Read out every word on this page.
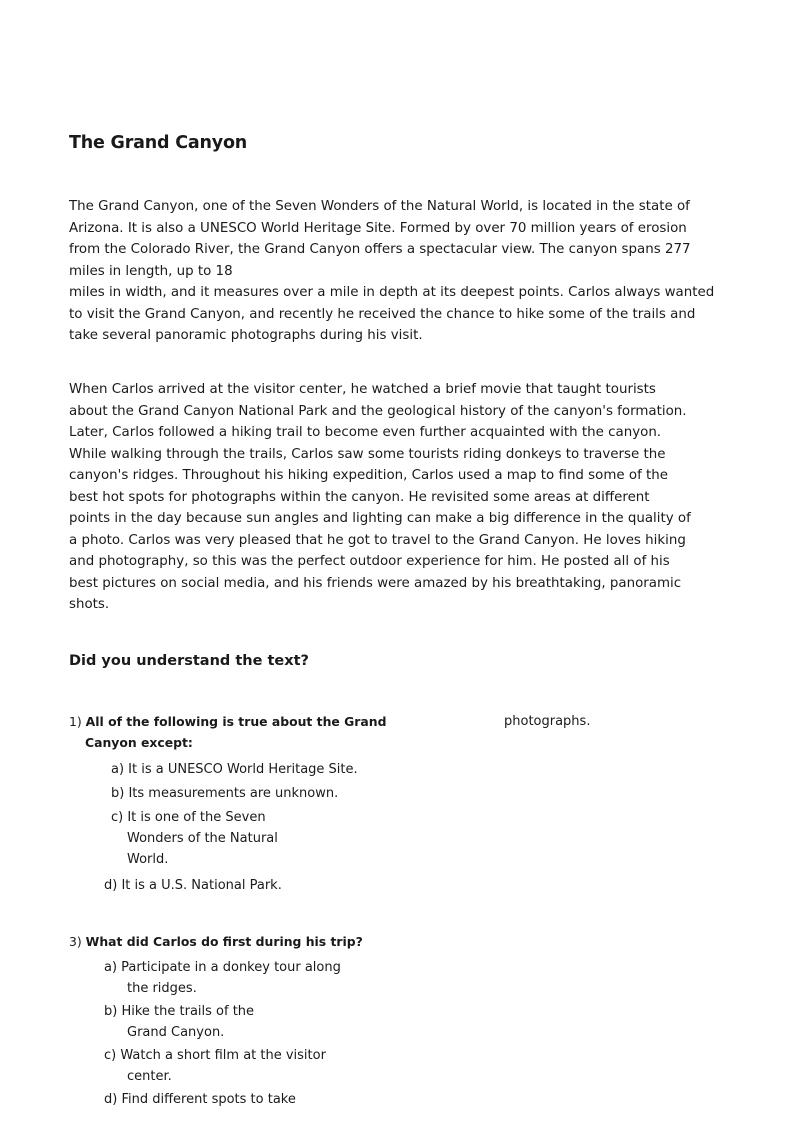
The Grand Canyon

The Grand Canyon, one of the Seven Wonders of the Natural World, is located in the state of
Arizona. It is also a UNESCO World Heritage Site. Formed by over 70 million years of erosion
from the Colorado River, the Grand Canyon offers a spectacular view. The canyon spans 277
miles in length, up to 18
miles in width, and it measures over a mile in depth at its deepest points. Carlos always wanted
to visit the Grand Canyon, and recently he received the chance to hike some of the trails and
take several panoramic photographs during his visit.

When Carlos arrived at the visitor center, he watched a brief movie that taught tourists
about the Grand Canyon National Park and the geological history of the canyon's formation.
Later, Carlos followed a hiking trail to become even further acquainted with the canyon.
While walking through the trails, Carlos saw some tourists riding donkeys to traverse the
canyon's ridges. Throughout his hiking expedition, Carlos used a map to find some of the
best hot spots for photographs within the canyon. He revisited some areas at different
points in the day because sun angles and lighting can make a big difference in the quality of
a photo. Carlos was very pleased that he got to travel to the Grand Canyon. He loves hiking
and photography, so this was the perfect outdoor experience for him. He posted all of his
best pictures on social media, and his friends were amazed by his breathtaking, panoramic
shots.

Did you understand the text?
1) All of the following is true about the Grand
Canyon except:
a) It is a UNESCO World Heritage Site.
b) Its measurements are unknown.
c) It is one of the Seven
Wonders of the Natural
World.
d) It is a U.S. National Park.
3) What did Carlos do first during his trip?
a) Participate in a donkey tour along
the ridges.
b) Hike the trails of the
Grand Canyon.
c) Watch a short film at the visitor
center.
d) Find different spots to take
photographs.
